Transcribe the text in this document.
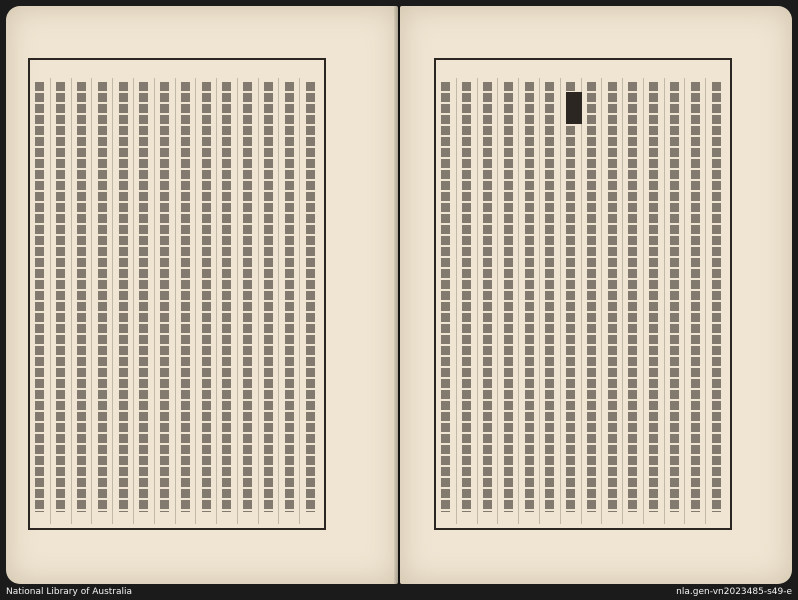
National Library of Australia	nla.gen-vn2023485-s49-e
